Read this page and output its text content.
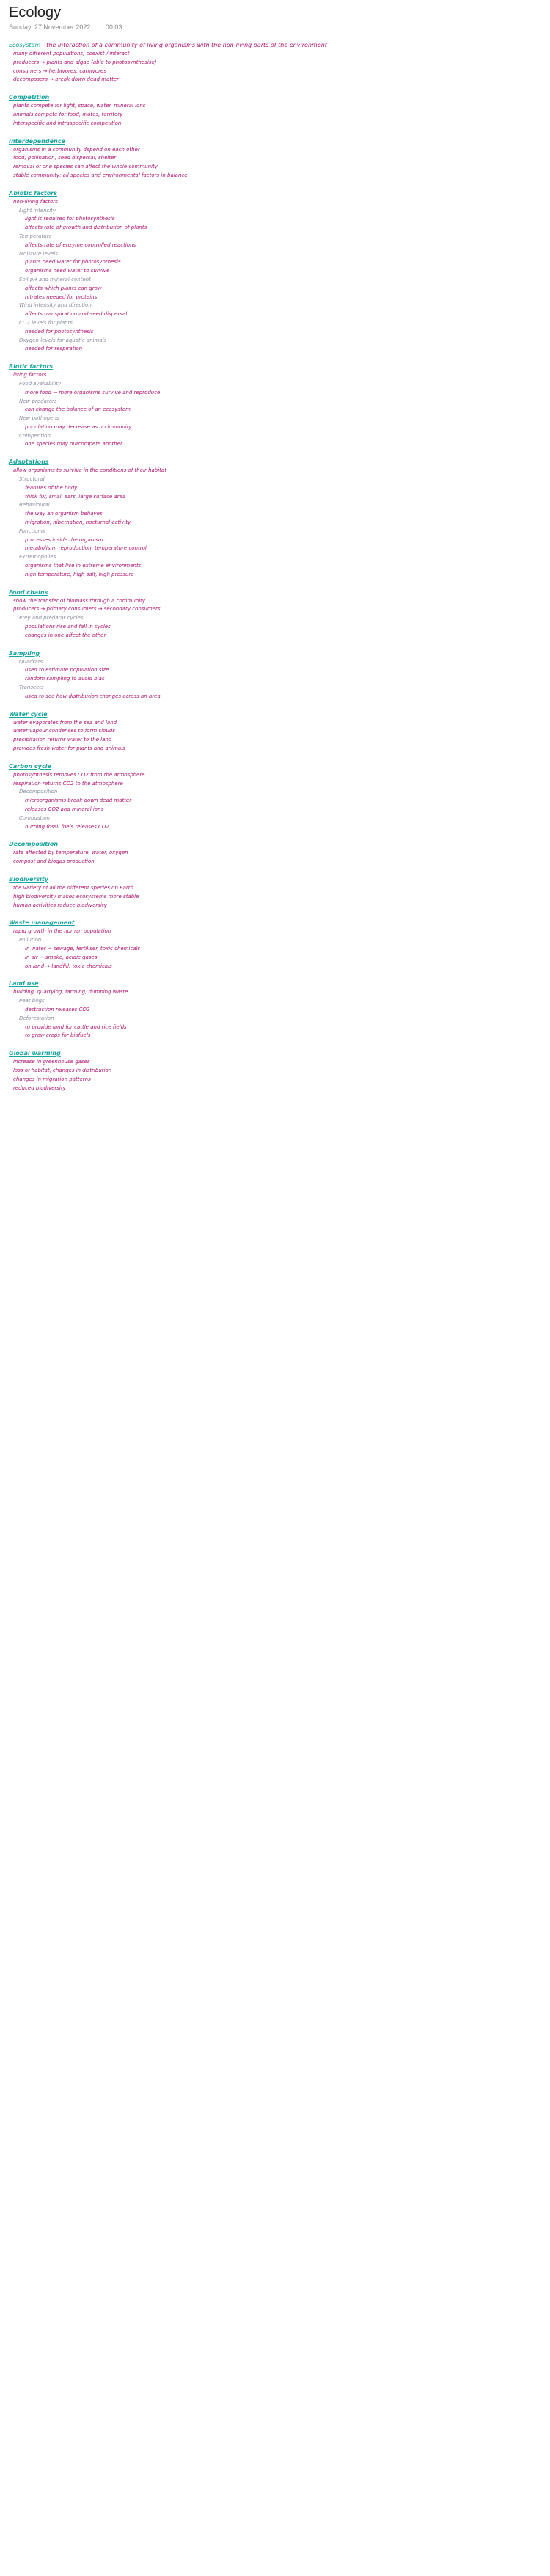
Ecology
Sunday, 27 November 2022 00:03
Ecosystem - the interaction of a community of living organisms with the non-living parts of the environment
many different populations, coexist / interact
producers → plants and algae (able to photosynthesise)
consumers → herbivores, carnivores
decomposers → break down dead matter
Competition
plants compete for light, space, water, mineral ions
animals compete for food, mates, territory
interspecific and intraspecific competition
Interdependence
organisms in a community depend on each other
food, pollination, seed dispersal, shelter
removal of one species can affect the whole community
stable community: all species and environmental factors in balance
Abiotic factors
non-living factors
Light intensity
light is required for photosynthesis
affects rate of growth and distribution of plants
Temperature
affects rate of enzyme controlled reactions
Moisture levels
plants need water for photosynthesis
organisms need water to survive
Soil pH and mineral content
affects which plants can grow
nitrates needed for proteins
Wind intensity and direction
affects transpiration and seed dispersal
CO2 levels for plants
needed for photosynthesis
Oxygen levels for aquatic animals
needed for respiration
Biotic factors
living factors
Food availability
more food → more organisms survive and reproduce
New predators
can change the balance of an ecosystem
New pathogens
population may decrease as no immunity
Competition
one species may outcompete another
Adaptations
allow organisms to survive in the conditions of their habitat
Structural
features of the body
thick fur, small ears, large surface area
Behavioural
the way an organism behaves
migration, hibernation, nocturnal activity
Functional
processes inside the organism
metabolism, reproduction, temperature control
Extremophiles
organisms that live in extreme environments
high temperature, high salt, high pressure
Food chains
show the transfer of biomass through a community
producers → primary consumers → secondary consumers
Prey and predator cycles
populations rise and fall in cycles
changes in one affect the other
Sampling
Quadrats
used to estimate population size
random sampling to avoid bias
Transects
used to see how distribution changes across an area
Water cycle
water evaporates from the sea and land
water vapour condenses to form clouds
precipitation returns water to the land
provides fresh water for plants and animals
Carbon cycle
photosynthesis removes CO2 from the atmosphere
respiration returns CO2 to the atmosphere
Decomposition
microorganisms break down dead matter
releases CO2 and mineral ions
Combustion
burning fossil fuels releases CO2
Decomposition
rate affected by temperature, water, oxygen
compost and biogas production
Biodiversity
the variety of all the different species on Earth
high biodiversity makes ecosystems more stable
human activities reduce biodiversity
Waste management
rapid growth in the human population
Pollution
in water → sewage, fertiliser, toxic chemicals
in air → smoke, acidic gases
on land → landfill, toxic chemicals
Land use
building, quarrying, farming, dumping waste
Peat bogs
destruction releases CO2
Deforestation
to provide land for cattle and rice fields
to grow crops for biofuels
Global warming
increase in greenhouse gases
loss of habitat, changes in distribution
changes in migration patterns
reduced biodiversity
